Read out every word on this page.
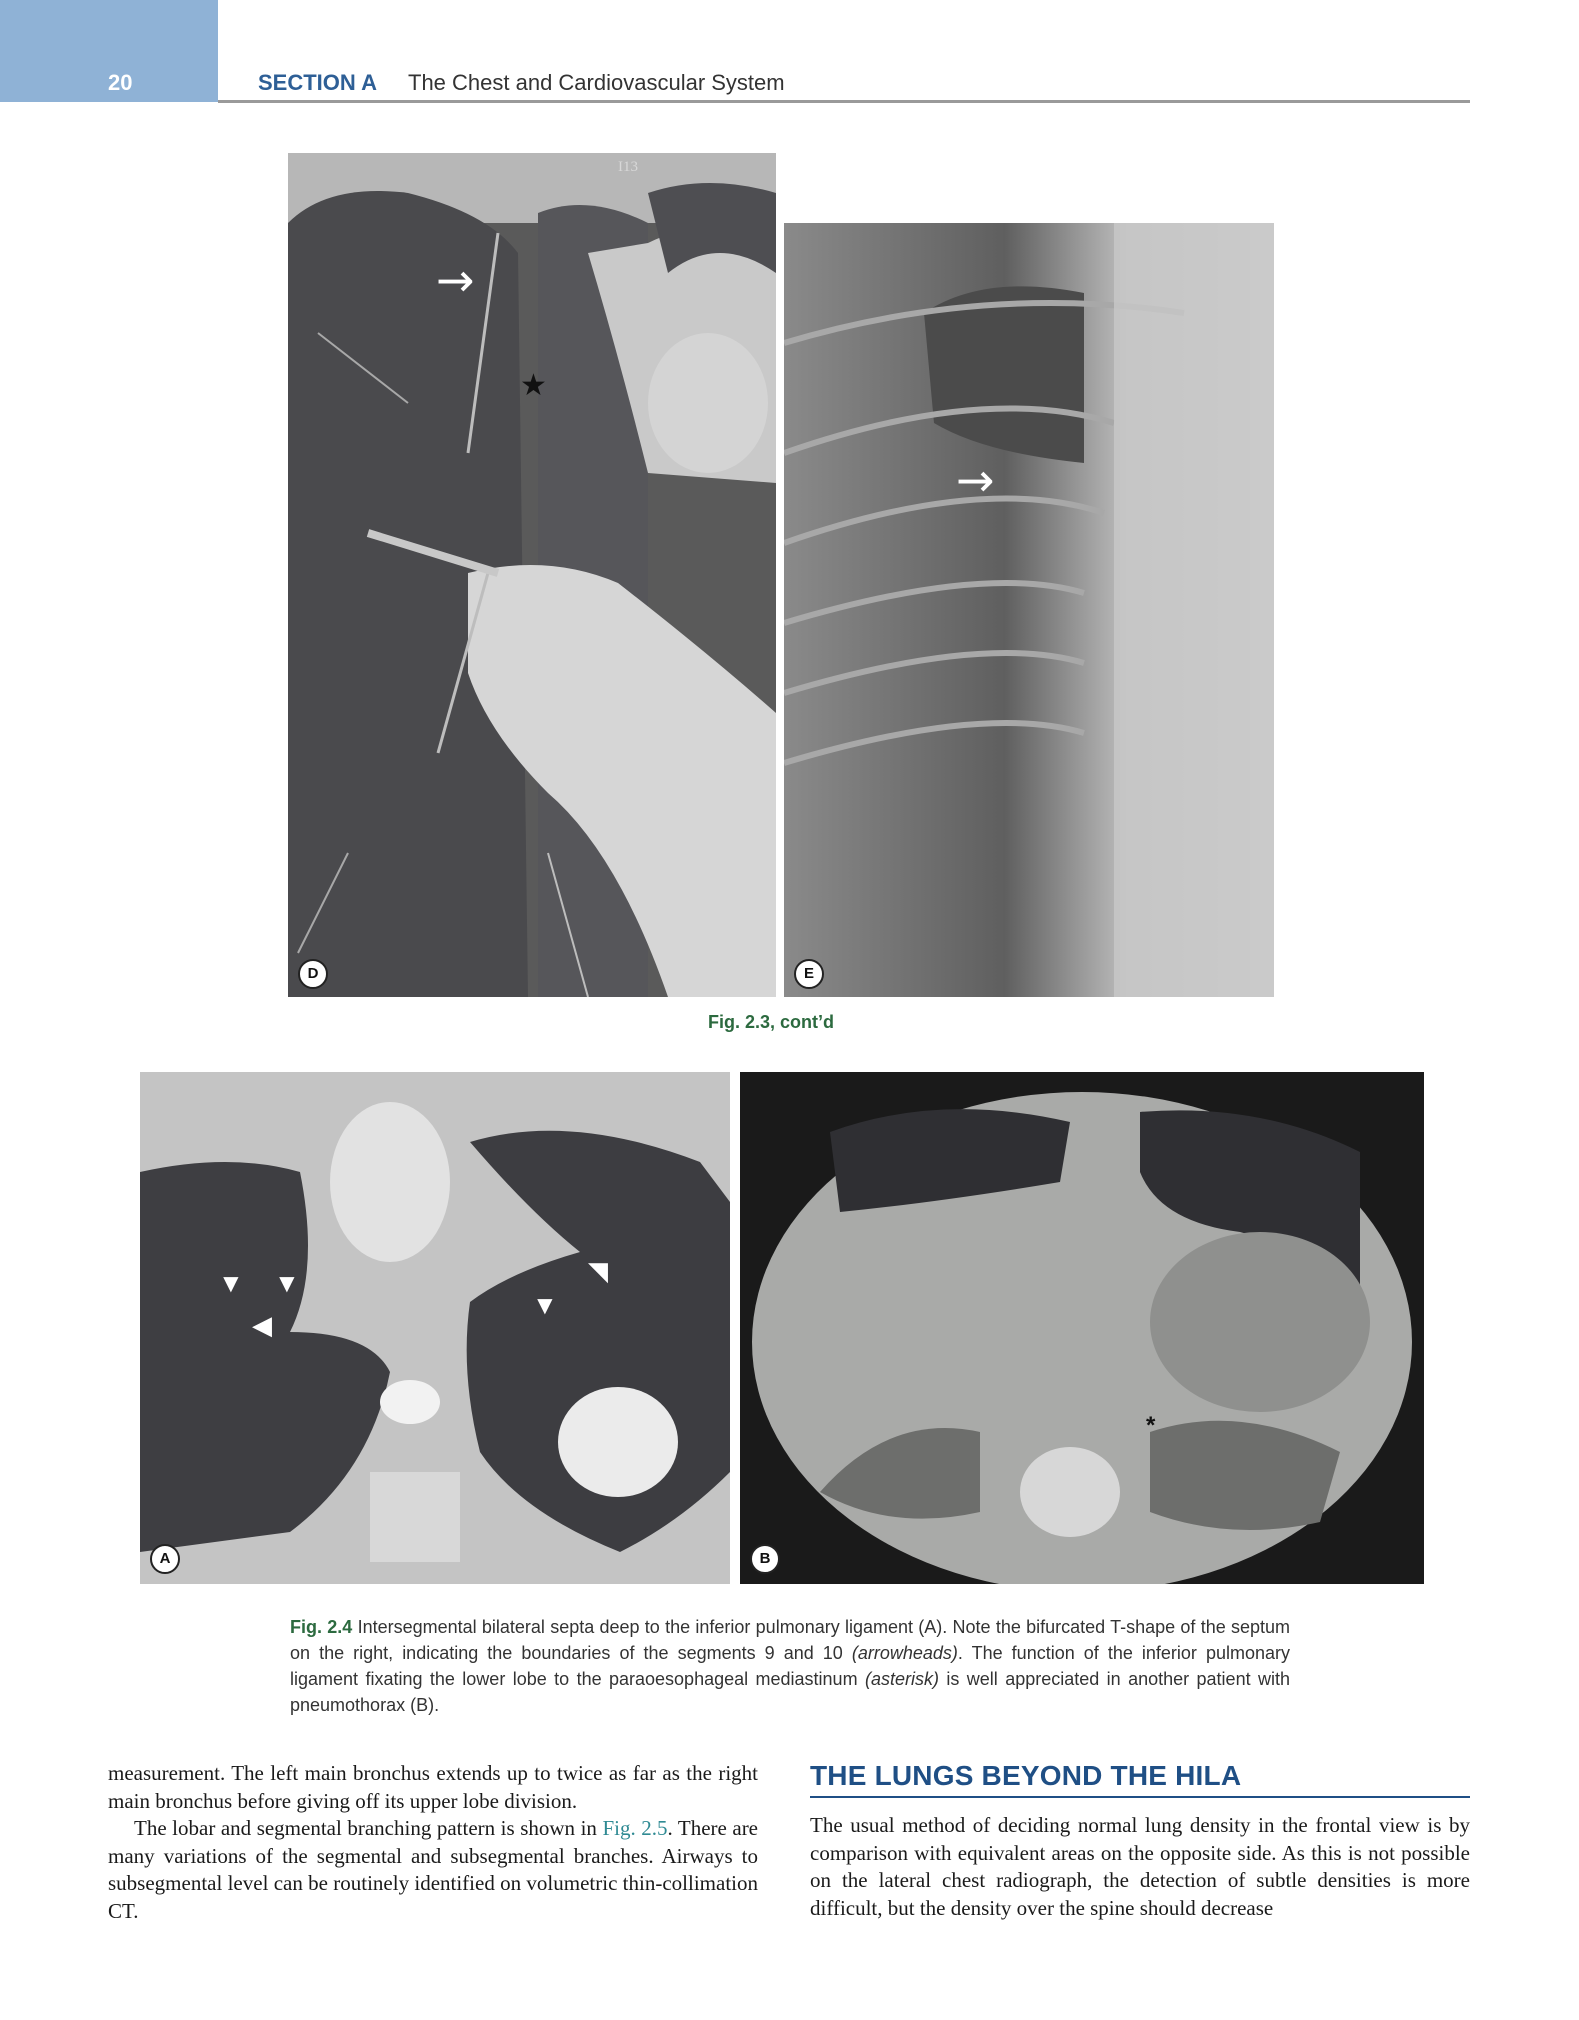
20	SECTION A The Chest and Cardiovascular System
I13
→
★
D
→
E
Fig. 2.3, cont’d
▼ ▼
◀
▼
◥
A
*
B
Fig. 2.4 Intersegmental bilateral septa deep to the inferior pulmonary ligament (A). Note the bifurcated T-shape of the septum on the right, indicating the boundaries of the segments 9 and 10 (arrowheads). The function of the inferior pulmonary ligament fixating the lower lobe to the paraoesophageal mediastinum (asterisk) is well appreciated in another patient with pneumothorax (B).

measurement. The left main bronchus extends up to twice as far as the right main bronchus before giving off its upper lobe division.

The lobar and segmental branching pattern is shown in Fig. 2.5. There are many variations of the segmental and subsegmental branches. Airways to subsegmental level can be routinely identified on volumetric thin-collimation CT.

THE LUNGS BEYOND THE HILA

The usual method of deciding normal lung density in the frontal view is by comparison with equivalent areas on the opposite side. As this is not possible on the lateral chest radiograph, the detection of subtle densities is more difficult, but the density over the spine should decrease
